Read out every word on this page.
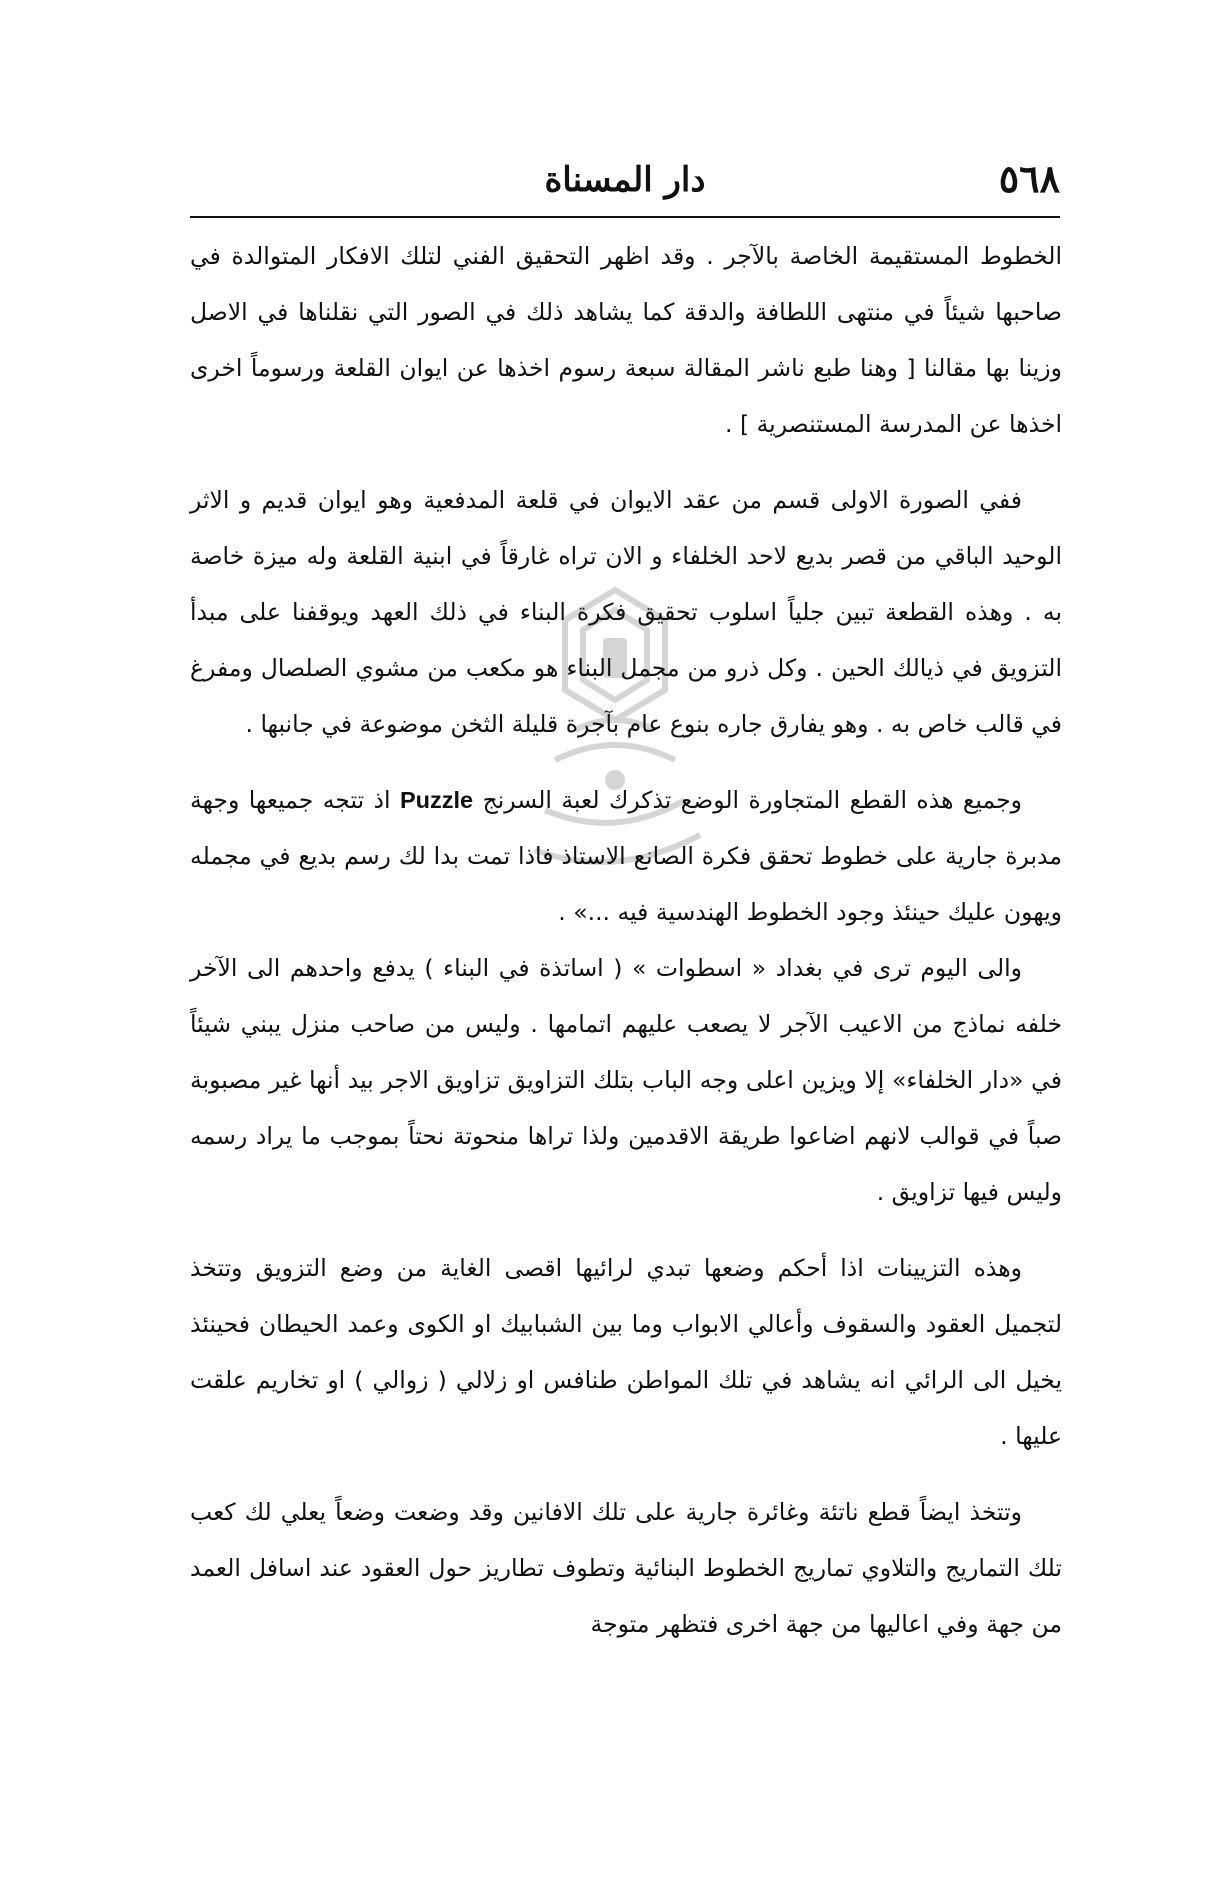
٥٦٨
دار المسناة

الخطوط المستقيمة الخاصة بالآجر . وقد اظهر التحقيق الفني لتلك الافكار المتوالدة في صاحبها شيئاً في منتهى اللطافة والدقة كما يشاهد ذلك في الصور التي نقلناها في الاصل وزينا بها مقالنا [ وهنا طبع ناشر المقالة سبعة رسوم اخذها عن ايوان القلعة ورسوماً اخرى اخذها عن المدرسة المستنصرية ] .

ففي الصورة الاولى قسم من عقد الايوان في قلعة المدفعية وهو ايوان قديم و الاثر الوحيد الباقي من قصر بديع لاحد الخلفاء و الان تراه غارقاً في ابنية القلعة وله ميزة خاصة به . وهذه القطعة تبين جلياً اسلوب تحقيق فكرة البناء في ذلك العهد ويوقفنا على مبدأ التزويق في ذيالك الحين . وكل ذرو من مجمل البناء هو مكعب من مشوي الصلصال ومفرغ في قالب خاص به . وهو يفارق جاره بنوع عام بآجرة قليلة الثخن موضوعة في جانبها .

وجميع هذه القطع المتجاورة الوضع تذكرك لعبة السرنج Puzzle اذ تتجه جميعها وجهة مدبرة جارية على خطوط تحقق فكرة الصانع الاستاذ فاذا تمت بدا لك رسم بديع في مجمله ويهون عليك حينئذ وجود الخطوط الهندسية فيه ...» .

والى اليوم ترى في بغداد « اسطوات » ( اساتذة في البناء ) يدفع واحدهم الى الآخر خلفه نماذج من الاعيب الآجر لا يصعب عليهم اتمامها . وليس من صاحب منزل يبني شيئاً في «دار الخلفاء» إلا ويزين اعلى وجه الباب بتلك التزاويق تزاويق الاجر بيد أنها غير مصبوبة صباً في قوالب لانهم اضاعوا طريقة الاقدمين ولذا تراها منحوتة نحتاً بموجب ما يراد رسمه وليس فيها تزاويق .

وهذه التزيينات اذا أحكم وضعها تبدي لرائيها اقصى الغاية من وضع التزويق وتتخذ لتجميل العقود والسقوف وأعالي الابواب وما بين الشبابيك او الكوى وعمد الحيطان فحينئذ يخيل الى الرائي انه يشاهد في تلك المواطن طنافس او زلالي ( زوالي ) او تخاريم علقت عليها .

وتتخذ ايضاً قطع ناتئة وغائرة جارية على تلك الافانين وقد وضعت وضعاً يعلي لك كعب تلك التماريج والتلاوي تماريج الخطوط البنائية وتطوف تطاريز حول العقود عند اسافل العمد من جهة وفي اعاليها من جهة اخرى فتظهر متوجة
